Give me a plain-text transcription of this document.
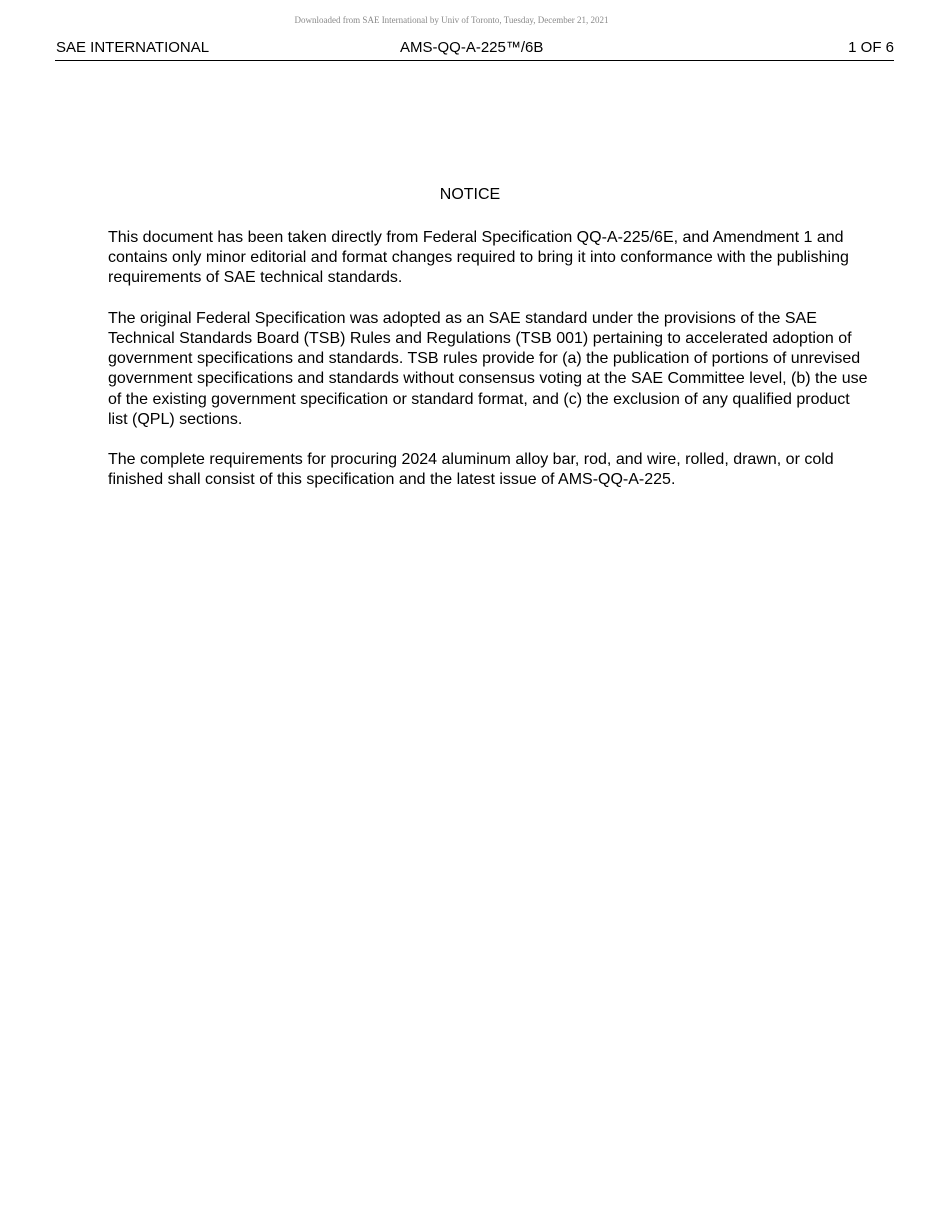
Downloaded from SAE International by Univ of Toronto, Tuesday, December 21, 2021
SAE INTERNATIONAL	AMS-QQ-A-225™/6B	1 OF 6
NOTICE

This document has been taken directly from Federal Specification QQ-A-225/6E, and Amendment 1 and contains only minor editorial and format changes required to bring it into conformance with the publishing requirements of SAE technical standards.

The original Federal Specification was adopted as an SAE standard under the provisions of the SAE Technical Standards Board (TSB) Rules and Regulations (TSB 001) pertaining to accelerated adoption of government specifications and standards. TSB rules provide for (a) the publication of portions of unrevised government specifications and standards without consensus voting at the SAE Committee level, (b) the use of the existing government specification or standard format, and (c) the exclusion of any qualified product list (QPL) sections.

The complete requirements for procuring 2024 aluminum alloy bar, rod, and wire, rolled, drawn, or cold finished shall consist of this specification and the latest issue of AMS-QQ-A-225.
